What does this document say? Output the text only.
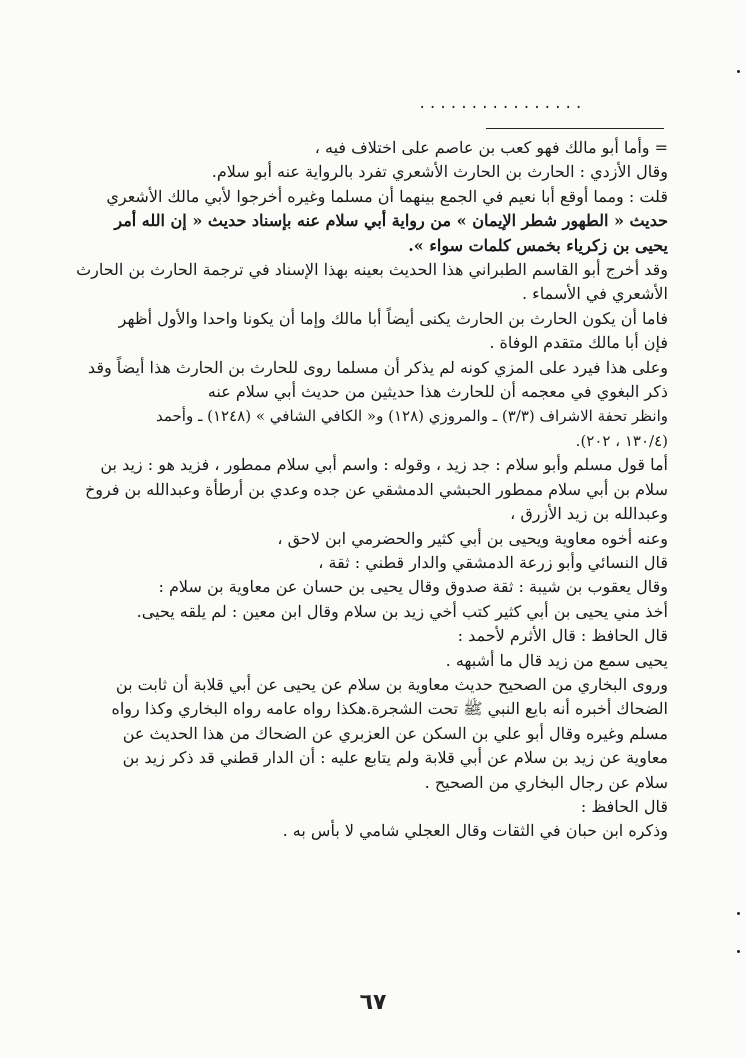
................
= وأما أبو مالك فهو كعب بن عاصم على اختلاف فيه ،
وقال الأزدي : الحارث بن الحارث الأشعري تفرد بالرواية عنه أبو سلام.
قلت : ومما أوقع أبا نعيم في الجمع بينهما أن مسلما وغيره أخرجوا لأبي مالك الأشعري
حديث « الطهور شطر الإيمان » من رواية أبي سلام عنه بإسناد حديث « إن الله أمر
يحيى بن زكرياء بخمس كلمات سواء ».
وقد أخرج أبو القاسم الطبراني هذا الحديث بعينه بهذا الإسناد في ترجمة الحارث بن الحارث
الأشعري في الأسماء .
فاما أن يكون الحارث بن الحارث يكنى أيضاً أبا مالك وإما أن يكونا واحدا والأول أظهر
فإن أبا مالك متقدم الوفاة .
وعلى هذا فيرد على المزي كونه لم يذكر أن مسلما روى للحارث بن الحارث هذا أيضاً وقد
ذكر البغوي في معجمه أن للحارث هذا حديثين من حديث أبي سلام عنه
وانظر تحفة الاشراف (٣/٣) ـ والمروزي (١٢٨) و« الكافي الشافي » (١٢٤٨) ـ وأحمد
(١٣٠/٤ ، ٢٠٢).
أما قول مسلم وأبو سلام : جد زيد ، وقوله : واسم أبي سلام ممطور ، فزيد هو : زيد بن
سلام بن أبي سلام ممطور الحبشي الدمشقي عن جده وعدي بن أرطأة وعبدالله بن فروخ
وعبدالله بن زيد الأزرق ،
وعنه أخوه معاوية ويحيى بن أبي كثير والحضرمي ابن لاحق ،
قال النسائي وأبو زرعة الدمشقي والدار قطني : ثقة ،
وقال يعقوب بن شيبة : ثقة صدوق وقال يحيى بن حسان عن معاوية بن سلام :
أخذ مني يحيى بن أبي كثير كتب أخي زيد بن سلام وقال ابن معين : لم يلقه يحيى.
قال الحافظ : قال الأثرم لأحمد :
يحيى سمع من زيد قال ما أشبهه .
وروى البخاري من الصحيح حديث معاوية بن سلام عن يحيى عن أبي قلابة أن ثابت بن
الضحاك أخبره أنه بايع النبي ﷺ تحت الشجرة.هكذا رواه عامه رواه البخاري وكذا رواه
مسلم وغيره وقال أبو علي بن السكن عن العزبري عن الضحاك من هذا الحديث عن
معاوية عن زيد بن سلام عن أبي قلابة ولم يتابع عليه : أن الدار قطني قد ذكر زيد بن
سلام عن رجال البخاري من الصحيح .
قال الحافظ :
وذكره ابن حبان في الثقات وقال العجلي شامي لا بأس به .
٦٧
